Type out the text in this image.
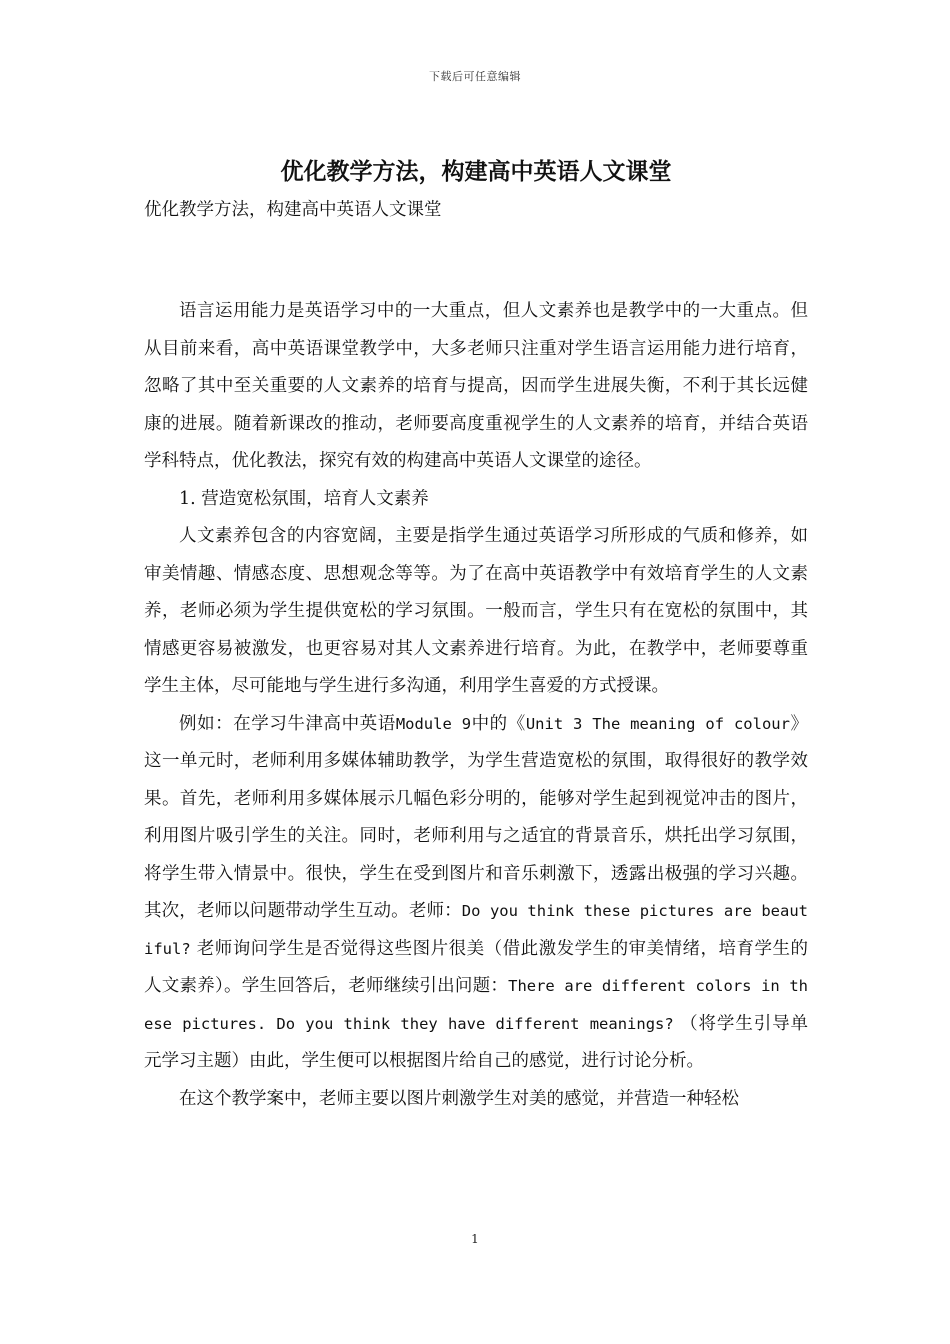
下载后可任意编辑
优化教学方法，构建高中英语人文课堂

优化教学方法，构建高中英语人文课堂

语言运用能力是英语学习中的一大重点，但人文素养也是教学中的一大重点。但从目前来看，高中英语课堂教学中，大多老师只注重对学生语言运用能力进行培育，忽略了其中至关重要的人文素养的培育与提高，因而学生进展失衡，不利于其长远健康的进展。随着新课改的推动，老师要高度重视学生的人文素养的培育，并结合英语学科特点，优化教法，探究有效的构建高中英语人文课堂的途径。

1. 营造宽松氛围，培育人文素养

人文素养包含的内容宽阔，主要是指学生通过英语学习所形成的气质和修养，如审美情趣、情感态度、思想观念等等。为了在高中英语教学中有效培育学生的人文素养，老师必须为学生提供宽松的学习氛围。一般而言，学生只有在宽松的氛围中，其情感更容易被激发，也更容易对其人文素养进行培育。为此，在教学中，老师要尊重学生主体，尽可能地与学生进行多沟通，利用学生喜爱的方式授课。

例如：在学习牛津高中英语Module 9中的《Unit 3 The meaning of colour》这一单元时，老师利用多媒体辅助教学，为学生营造宽松的氛围，取得很好的教学效果。首先，老师利用多媒体展示几幅色彩分明的，能够对学生起到视觉冲击的图片，利用图片吸引学生的关注。同时，老师利用与之适宜的背景音乐，烘托出学习氛围，将学生带入情景中。很快，学生在受到图片和音乐刺激下，透露出极强的学习兴趣。其次，老师以问题带动学生互动。老师：Do you think these pictures are beautiful? 老师询问学生是否觉得这些图片很美（借此激发学生的审美情绪，培育学生的人文素养）。学生回答后，老师继续引出问题：There are different colors in these pictures. Do you think they have different meanings? （将学生引导单元学习主题）由此，学生便可以根据图片给自己的感觉，进行讨论分析。

在这个教学案中，老师主要以图片刺激学生对美的感觉，并营造一种轻松

1
